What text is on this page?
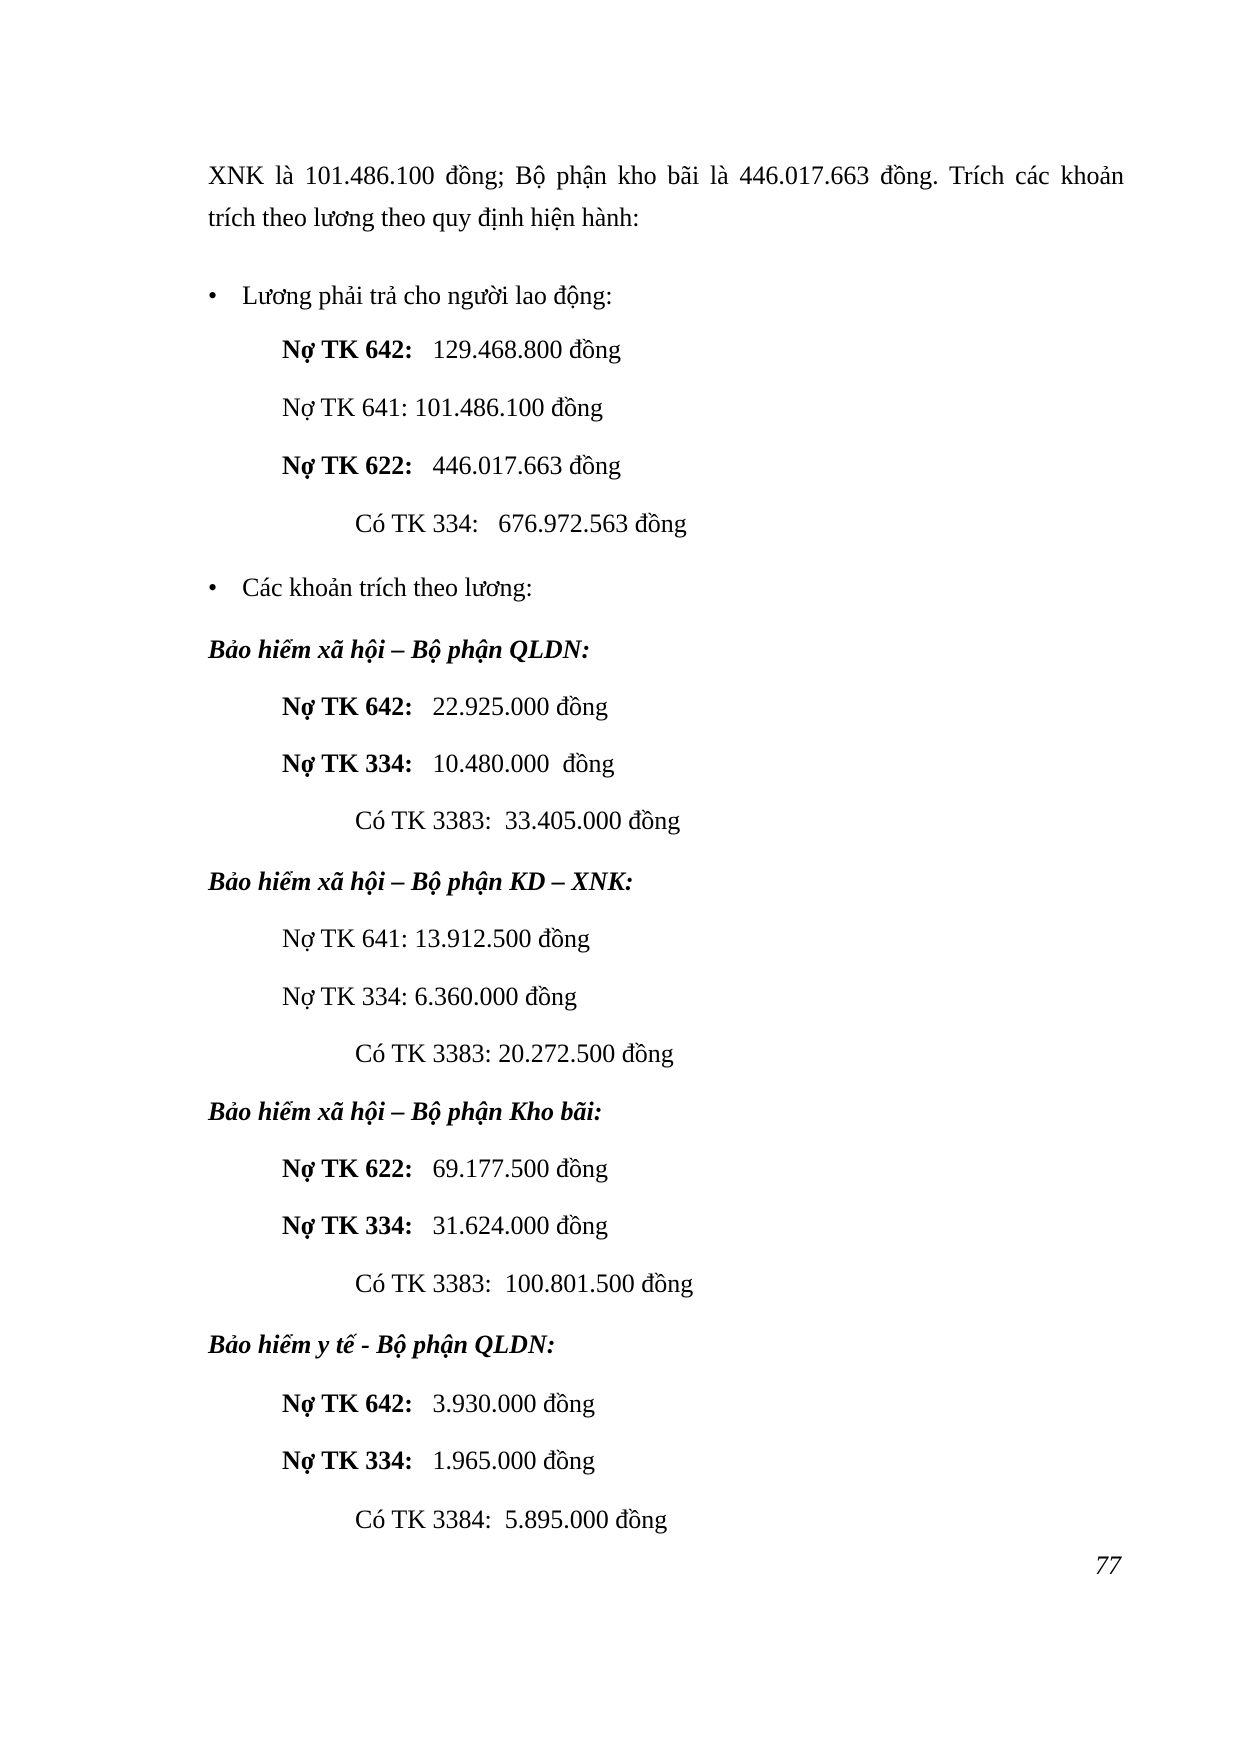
XNK là 101.486.100 đồng; Bộ phận kho bãi là 446.017.663 đồng. Trích các khoản
trích theo lương theo quy định hiện hành:
• Lương phải trả cho người lao động:
Nợ TK 642:   129.468.800 đồng
Nợ TK 641: 101.486.100 đồng
Nợ TK 622:   446.017.663 đồng
Có TK 334:   676.972.563 đồng
• Các khoản trích theo lương:
Bảo hiểm xã hội – Bộ phận QLDN:
Nợ TK 642:   22.925.000 đồng
Nợ TK 334:   10.480.000  đồng
Có TK 3383:  33.405.000 đồng
Bảo hiểm xã hội – Bộ phận KD – XNK:
Nợ TK 641: 13.912.500 đồng
Nợ TK 334: 6.360.000 đồng
Có TK 3383: 20.272.500 đồng
Bảo hiểm xã hội – Bộ phận Kho bãi:
Nợ TK 622:   69.177.500 đồng
Nợ TK 334:   31.624.000 đồng
Có TK 3383:  100.801.500 đồng
Bảo hiểm y tế - Bộ phận QLDN:
Nợ TK 642:   3.930.000 đồng
Nợ TK 334:   1.965.000 đồng
Có TK 3384:  5.895.000 đồng
77
